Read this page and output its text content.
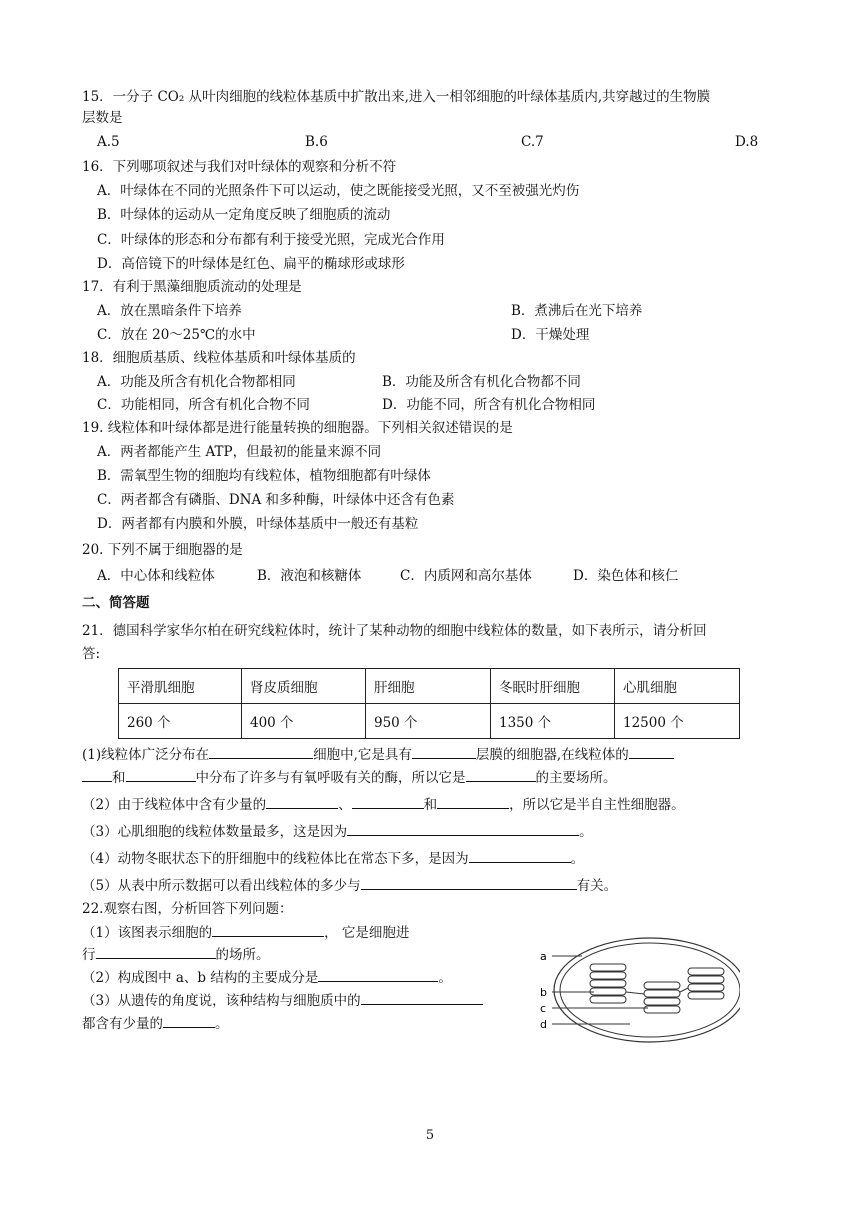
15．一分子 CO₂ 从叶肉细胞的线粒体基质中扩散出来,进入一相邻细胞的叶绿体基质内,共穿越过的生物膜
层数是
A.5	B.6	C.7	D.8
16．下列哪项叙述与我们对叶绿体的观察和分析不符
A．叶绿体在不同的光照条件下可以运动，使之既能接受光照，又不至被强光灼伤
B．叶绿体的运动从一定角度反映了细胞质的流动
C．叶绿体的形态和分布都有利于接受光照，完成光合作用
D．高倍镜下的叶绿体是红色、扁平的椭球形或球形
17．有利于黑藻细胞质流动的处理是
A．放在黑暗条件下培养	B．煮沸后在光下培养
C．放在 20～25℃的水中	D．干燥处理
18．细胞质基质、线粒体基质和叶绿体基质的
A．功能及所含有机化合物都相同	B．功能及所含有机化合物都不同
C．功能相同，所含有机化合物不同	D．功能不同，所含有机化合物相同
19. 线粒体和叶绿体都是进行能量转换的细胞器。下列相关叙述错误的是
A．两者都能产生 ATP，但最初的能量来源不同
B．需氧型生物的细胞均有线粒体，植物细胞都有叶绿体
C．两者都含有磷脂、DNA 和多种酶，叶绿体中还含有色素
D．两者都有内膜和外膜，叶绿体基质中一般还有基粒
20. 下列不属于细胞器的是
A．中心体和线粒体	B．液泡和核糖体	C．内质网和高尔基体	D．染色体和核仁
二、简答题
21．德国科学家华尔柏在研究线粒体时，统计了某种动物的细胞中线粒体的数量，如下表所示，请分析回
答:
平滑肌细胞	肾皮质细胞	肝细胞	冬眠时肝细胞	心肌细胞
260 个	400 个	950 个	1350 个	12500 个
(1)线粒体广泛分布在	细胞中,它是具有	层膜的细胞器,在线粒体的
和	中分布了许多与有氧呼吸有关的酶，所以它是	的主要场所。
（2）由于线粒体中含有少量的	、	和	，所以它是半自主性细胞器。
（3）心肌细胞的线粒体数量最多，这是因为	。
（4）动物冬眠状态下的肝细胞中的线粒体比在常态下多，是因为	。
（5）从表中所示数据可以看出线粒体的多少与	有关。
22.观察右图，分析回答下列问题：
（1）该图表示细胞的	， 它是细胞进
行	的场所。
（2）构成图中 a、b 结构的主要成分是	。
（3）从遗传的角度说，该种结构与细胞质中的
都含有少量的	。
a
b
c
d
5
